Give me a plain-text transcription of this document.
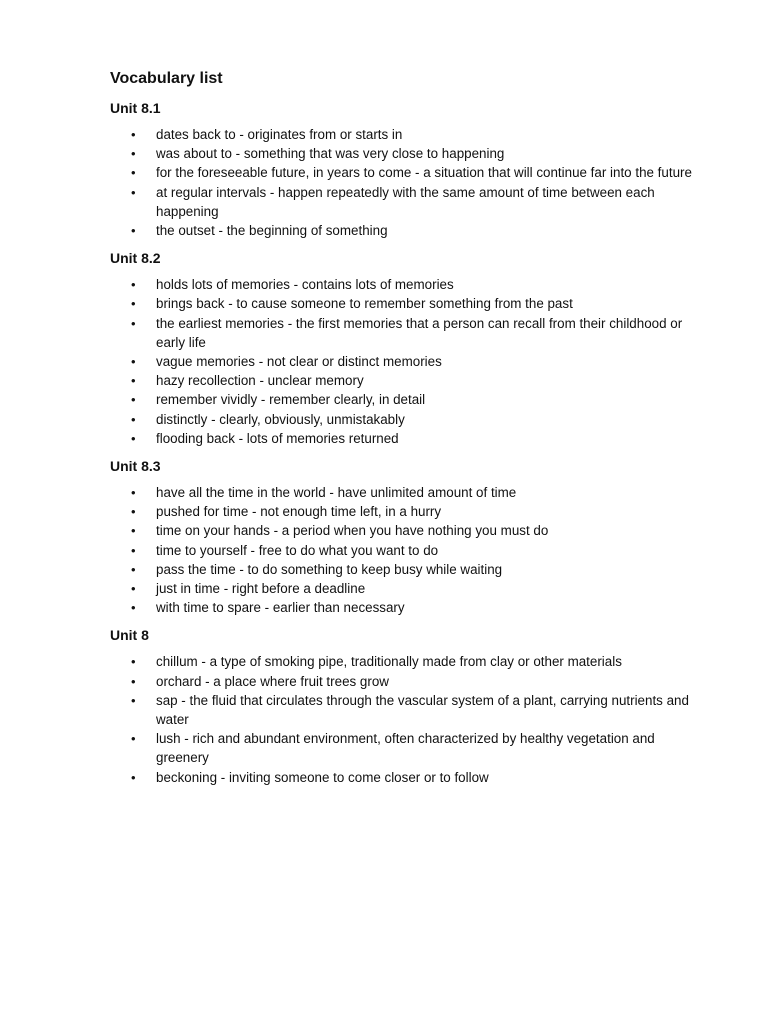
Vocabulary list
Unit 8.1
• dates back to - originates from or starts in
• was about to - something that was very close to happening
• for the foreseeable future, in years to come - a situation that will continue far into the future
• at regular intervals - happen repeatedly with the same amount of time between each happening
• the outset - the beginning of something
Unit 8.2
• holds lots of memories - contains lots of memories
• brings back - to cause someone to remember something from the past
• the earliest memories - the first memories that a person can recall from their childhood or early life
• vague memories - not clear or distinct memories
• hazy recollection - unclear memory
• remember vividly - remember clearly, in detail
• distinctly - clearly, obviously, unmistakably
• flooding back - lots of memories returned
Unit 8.3
• have all the time in the world - have unlimited amount of time
• pushed for time - not enough time left, in a hurry
• time on your hands - a period when you have nothing you must do
• time to yourself - free to do what you want to do
• pass the time - to do something to keep busy while waiting
• just in time - right before a deadline
• with time to spare - earlier than necessary
Unit 8
• chillum - a type of smoking pipe, traditionally made from clay or other materials
• orchard - a place where fruit trees grow
• sap - the fluid that circulates through the vascular system of a plant, carrying nutrients and water
• lush - rich and abundant environment, often characterized by healthy vegetation and greenery
• beckoning - inviting someone to come closer or to follow
